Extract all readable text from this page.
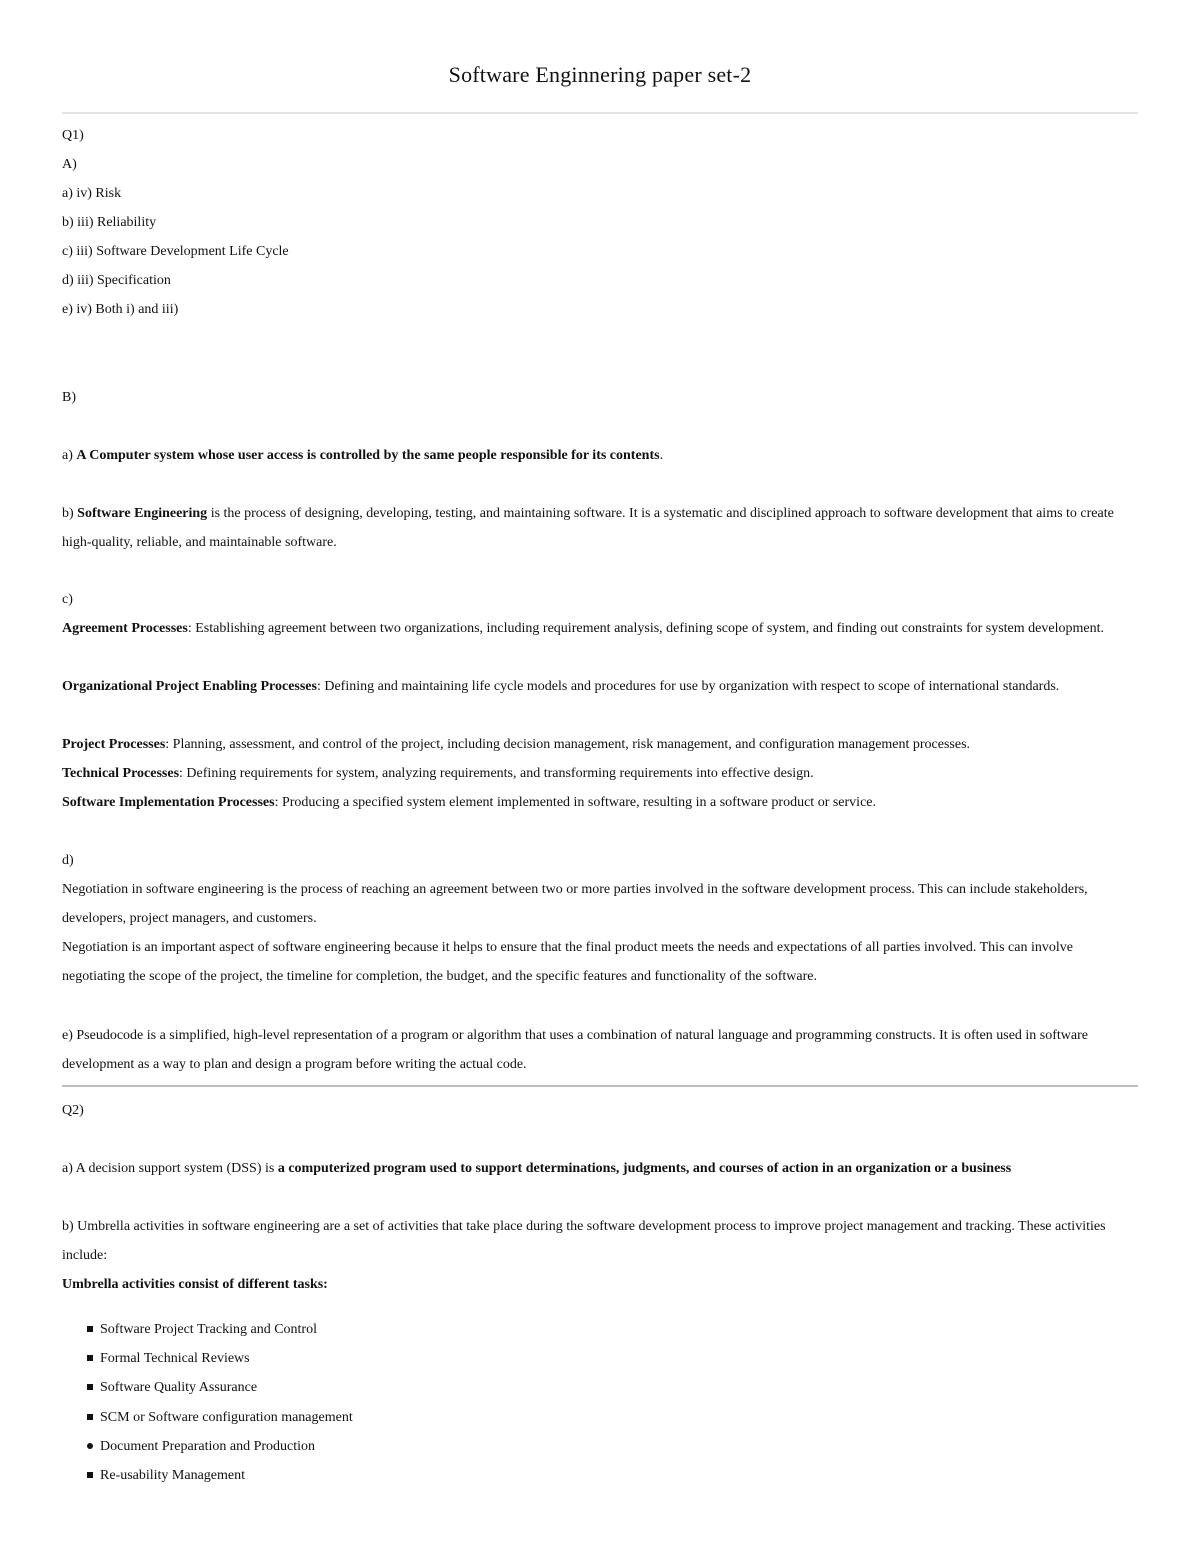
Software Enginnering paper set-2
Q1)
A)
a) iv) Risk
b) iii) Reliability
c) iii) Software Development Life Cycle
d) iii) Specification
e) iv) Both i) and iii)
B)
a) A Computer system whose user access is controlled by the same people responsible for its contents.
b) Software Engineering is the process of designing, developing, testing, and maintaining software. It is a systematic and disciplined approach to software development that aims to create high-quality, reliable, and maintainable software.
c)
Agreement Processes: Establishing agreement between two organizations, including requirement analysis, defining scope of system, and finding out constraints for system development.
Organizational Project Enabling Processes: Defining and maintaining life cycle models and procedures for use by organization with respect to scope of international standards.
Project Processes: Planning, assessment, and control of the project, including decision management, risk management, and configuration management processes.
Technical Processes: Defining requirements for system, analyzing requirements, and transforming requirements into effective design.
Software Implementation Processes: Producing a specified system element implemented in software, resulting in a software product or service.
d)
Negotiation in software engineering is the process of reaching an agreement between two or more parties involved in the software development process. This can include stakeholders, developers, project managers, and customers.
Negotiation is an important aspect of software engineering because it helps to ensure that the final product meets the needs and expectations of all parties involved. This can involve negotiating the scope of the project, the timeline for completion, the budget, and the specific features and functionality of the software.
e) Pseudocode is a simplified, high-level representation of a program or algorithm that uses a combination of natural language and programming constructs. It is often used in software development as a way to plan and design a program before writing the actual code.
Q2)
a) A decision support system (DSS) is a computerized program used to support determinations, judgments, and courses of action in an organization or a business
b) Umbrella activities in software engineering are a set of activities that take place during the software development process to improve project management and tracking. These activities include:
Umbrella activities consist of different tasks:
Software Project Tracking and Control
Formal Technical Reviews
Software Quality Assurance
SCM or Software configuration management
Document Preparation and Production
Re-usability Management
